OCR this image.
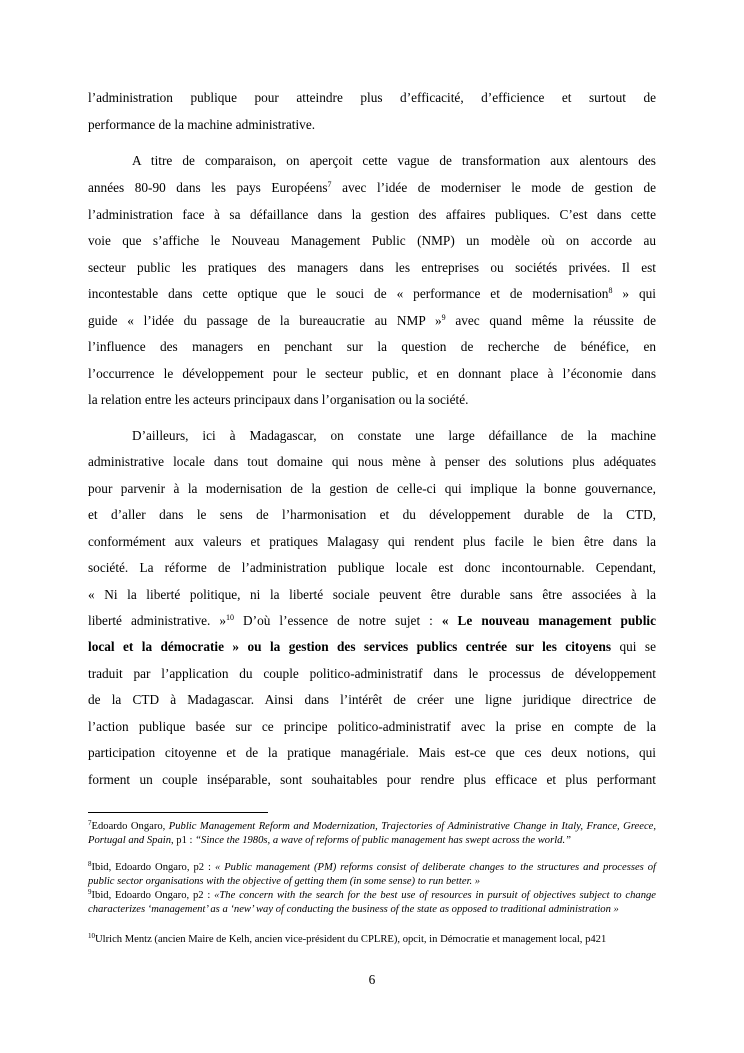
l’administration publique pour atteindre plus d’efficacité, d’efficience et surtout de
performance de la machine administrative.
A titre de comparaison, on aperçoit cette vague de transformation aux alentours des
années 80-90 dans les pays Européens$^7$ avec l’idée de moderniser le mode de gestion de
l’administration face à sa défaillance dans la gestion des affaires publiques. C’est dans cette
voie que s’affiche le Nouveau Management Public (NMP) un modèle où on accorde au
secteur public les pratiques des managers dans les entreprises ou sociétés privées. Il est
incontestable dans cette optique que le souci de « performance et de modernisation$^8$ » qui
guide « l’idée du passage de la bureaucratie au NMP »$^9$ avec quand même la réussite de
l’influence des managers en penchant sur la question de recherche de bénéfice, en
l’occurrence le développement pour le secteur public, et en donnant place à l’économie dans
la relation entre les acteurs principaux dans l’organisation ou la société.
D’ailleurs, ici à Madagascar, on constate une large défaillance de la machine
administrative locale dans tout domaine qui nous mène à penser des solutions plus adéquates
pour parvenir à la modernisation de la gestion de celle-ci qui implique la bonne gouvernance,
et d’aller dans le sens de l’harmonisation et du développement durable de la CTD,
conformément aux valeurs et pratiques Malagasy qui rendent plus facile le bien être dans la
société. La réforme de l’administration publique locale est donc incontournable. Cependant,
« Ni la liberté politique, ni la liberté sociale peuvent être durable sans être associées à la
liberté administrative. »$^{10}$ D’où l’essence de notre sujet : « Le nouveau management public
local et la démocratie » ou la gestion des services publics centrée sur les citoyens qui se
traduit par l’application du couple politico-administratif dans le processus de développement
de la CTD à Madagascar. Ainsi dans l’intérêt de créer une ligne juridique directrice de
l’action publique basée sur ce principe politico-administratif avec la prise en compte de la
participation citoyenne et de la pratique managériale. Mais est-ce que ces deux notions, qui
forment un couple inséparable, sont souhaitables pour rendre plus efficace et plus performant
$^7$Edoardo Ongaro, Public Management Reform and Modernization, Trajectories of Administrative Change in Italy, France, Greece, Portugal and Spain, p1 : “Since the 1980s, a wave of reforms of public management has swept across the world.”
$^8$Ibid, Edoardo Ongaro, p2 : « Public management (PM) reforms consist of deliberate changes to the structures and processes of public sector organisations with the objective of getting them (in some sense) to run better. »
$^9$Ibid, Edoardo Ongaro, p2 : «The concern with the search for the best use of resources in pursuit of objectives subject to change characterizes ‘management’ as a ‘new’ way of conducting the business of the state as opposed to traditional administration »
$^{10}$Ulrich Mentz (ancien Maire de Kelh, ancien vice-président du CPLRE), opcit, in Démocratie et management local, p421
6
